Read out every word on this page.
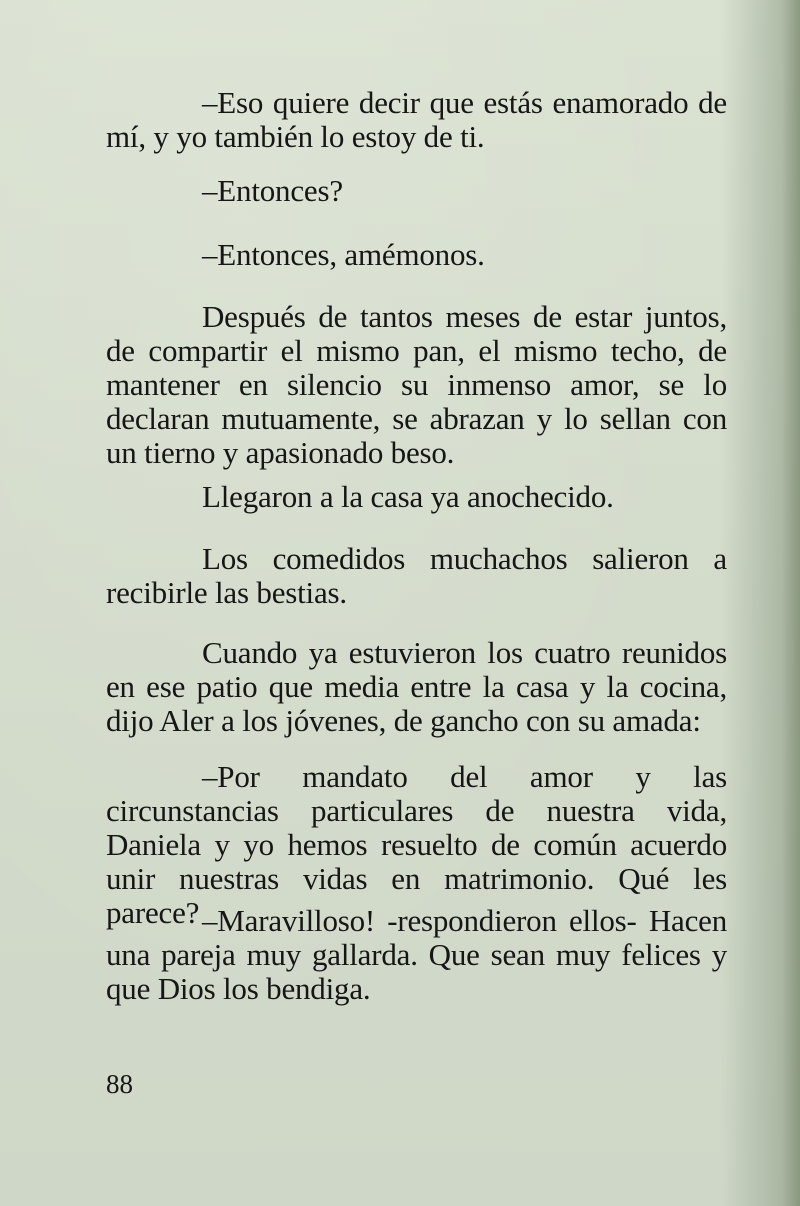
–Eso quiere decir que estás enamorado de mí, y yo también lo estoy de ti.

–Entonces?

–Entonces, amémonos.

Después de tantos meses de estar juntos, de compartir el mismo pan, el mismo techo, de mantener en silencio su inmenso amor, se lo declaran mutuamente, se abrazan y lo sellan con un tierno y apasionado beso.

Llegaron a la casa ya anochecido.

Los comedidos muchachos salieron a recibirle las bestias.

Cuando ya estuvieron los cuatro reunidos en ese patio que media entre la casa y la cocina, dijo Aler a los jóvenes, de gancho con su amada:

–Por mandato del amor y las circunstancias particulares de nuestra vida, Daniela y yo hemos resuelto de común acuerdo unir nuestras vidas en matrimonio. Qué les parece? –Maravilloso! -respondieron ellos- Hacen una pareja muy gallarda. Que sean muy felices y que Dios los bendiga.

88
